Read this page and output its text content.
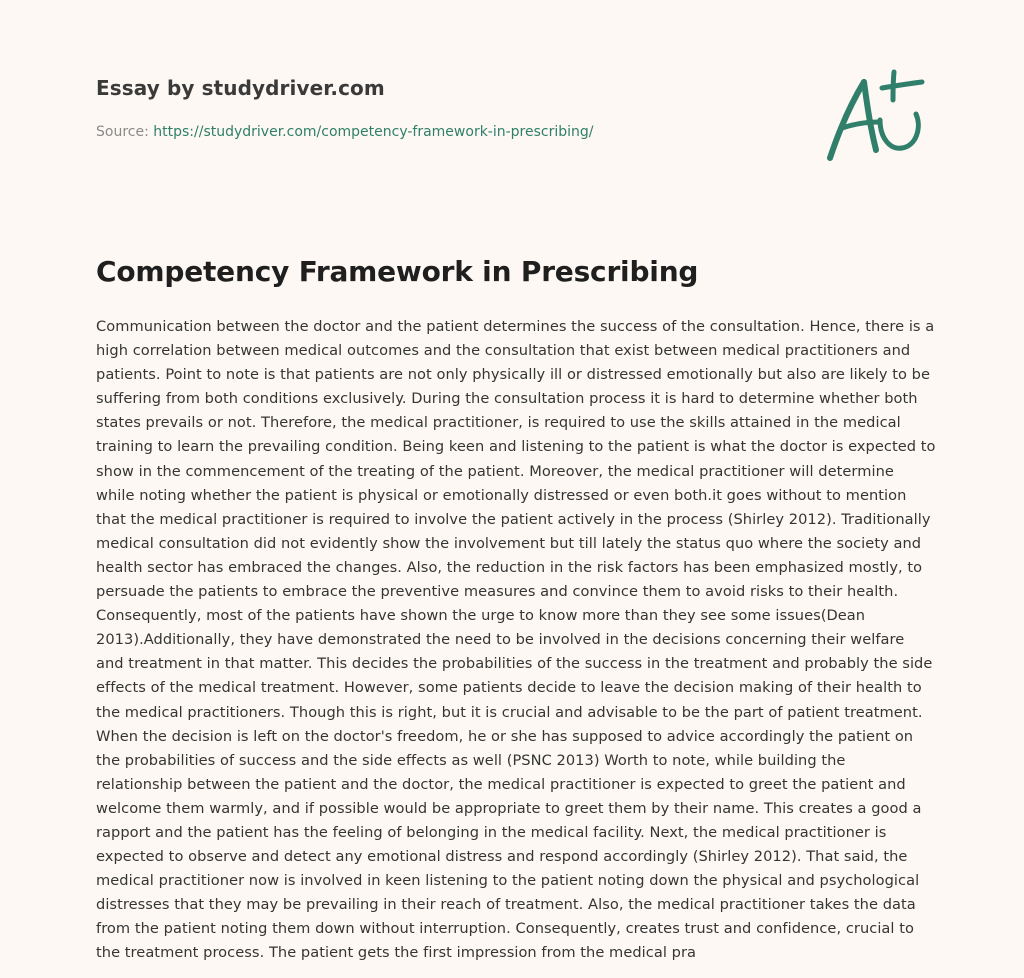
Essay by studydriver.com
Source: https://studydriver.com/competency-framework-in-prescribing/
Competency Framework in Prescribing

Communication between the doctor and the patient determines the success of the consultation. Hence, there is a high correlation between medical outcomes and the consultation that exist between medical practitioners and patients. Point to note is that patients are not only physically ill or distressed emotionally but also are likely to be suffering from both conditions exclusively. During the consultation process it is hard to determine whether both states prevails or not. Therefore, the medical practitioner, is required to use the skills attained in the medical training to learn the prevailing condition. Being keen and listening to the patient is what the doctor is expected to show in the commencement of the treating of the patient. Moreover, the medical practitioner will determine while noting whether the patient is physical or emotionally distressed or even both.it goes without to mention that the medical practitioner is required to involve the patient actively in the process (Shirley 2012). Traditionally medical consultation did not evidently show the involvement but till lately the status quo where the society and health sector has embraced the changes. Also, the reduction in the risk factors has been emphasized mostly, to persuade the patients to embrace the preventive measures and convince them to avoid risks to their health. Consequently, most of the patients have shown the urge to know more than they see some issues(Dean 2013).Additionally, they have demonstrated the need to be involved in the decisions concerning their welfare and treatment in that matter. This decides the probabilities of the success in the treatment and probably the side effects of the medical treatment. However, some patients decide to leave the decision making of their health to the medical practitioners. Though this is right, but it is crucial and advisable to be the part of patient treatment. When the decision is left on the doctor's freedom, he or she has supposed to advice accordingly the patient on the probabilities of success and the side effects as well (PSNC 2013) Worth to note, while building the relationship between the patient and the doctor, the medical practitioner is expected to greet the patient and welcome them warmly, and if possible would be appropriate to greet them by their name. This creates a good a rapport and the patient has the feeling of belonging in the medical facility. Next, the medical practitioner is expected to observe and detect any emotional distress and respond accordingly (Shirley 2012). That said, the medical practitioner now is involved in keen listening to the patient noting down the physical and psychological distresses that they may be prevailing in their reach of treatment. Also, the medical practitioner takes the data from the patient noting them down without interruption. Consequently, creates trust and confidence, crucial to the treatment process. The patient gets the first impression from the medical pra
